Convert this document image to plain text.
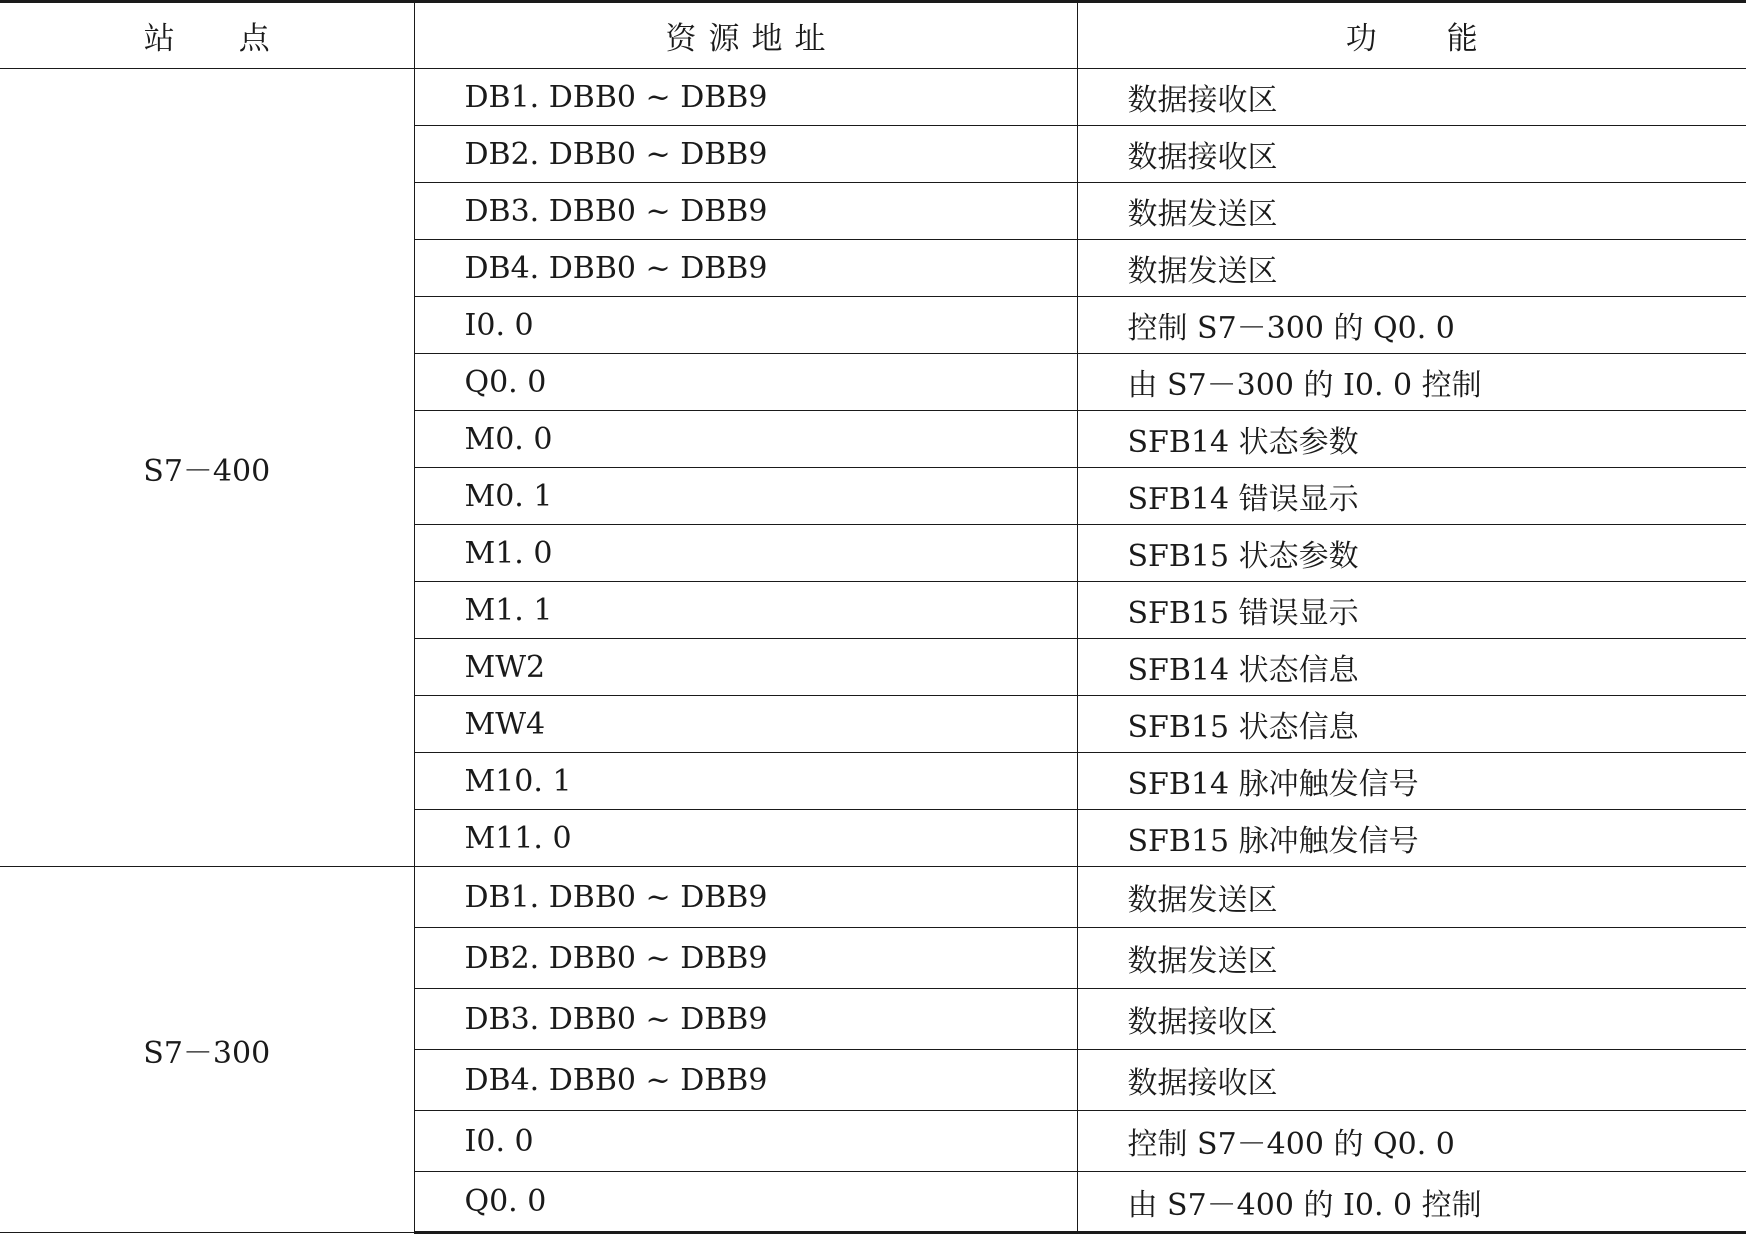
站点	资源地址	功能
S7－400	DB1. DBB0 ~ DBB9	数据接收区
	DB2. DBB0 ~ DBB9	数据接收区
	DB3. DBB0 ~ DBB9	数据发送区
	DB4. DBB0 ~ DBB9	数据发送区
	I0. 0	控制 S7－300 的 Q0. 0
	Q0. 0	由 S7－300 的 I0. 0 控制
	M0. 0	SFB14 状态参数
	M0. 1	SFB14 错误显示
	M1. 0	SFB15 状态参数
	M1. 1	SFB15 错误显示
	MW2	SFB14 状态信息
	MW4	SFB15 状态信息
	M10. 1	SFB14 脉冲触发信号
	M11. 0	SFB15 脉冲触发信号
S7－300	DB1. DBB0 ~ DBB9	数据发送区
	DB2. DBB0 ~ DBB9	数据发送区
	DB3. DBB0 ~ DBB9	数据接收区
	DB4. DBB0 ~ DBB9	数据接收区
	I0. 0	控制 S7－400 的 Q0. 0
	Q0. 0	由 S7－400 的 I0. 0 控制
